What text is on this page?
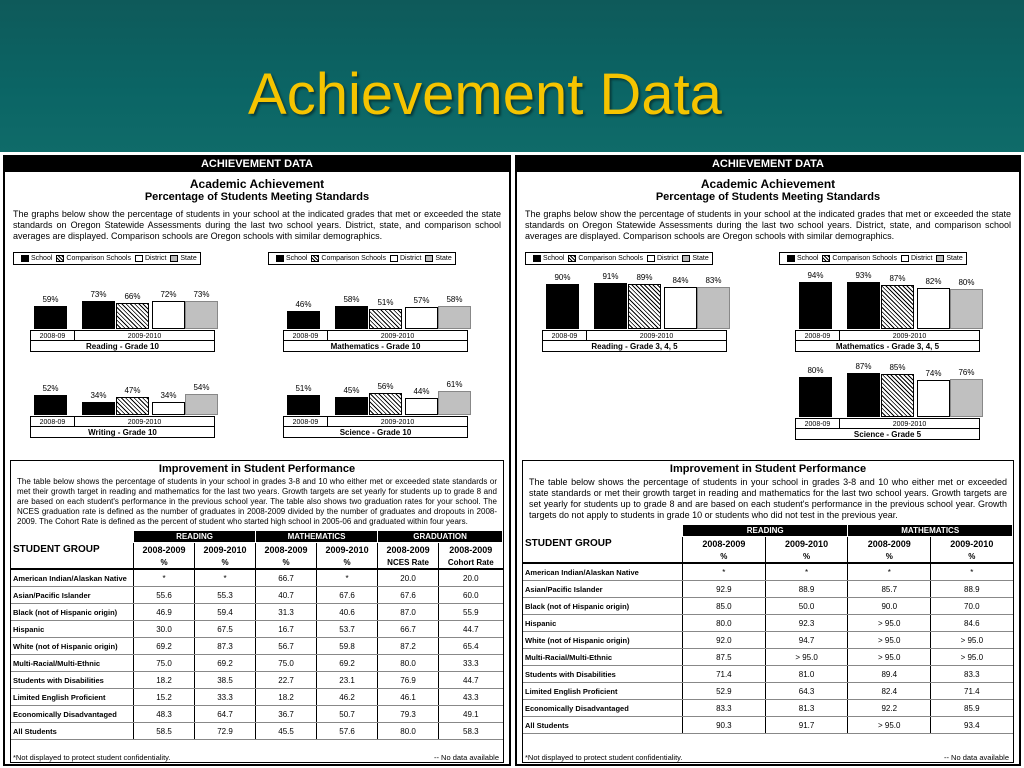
Achievement Data
ACHIEVEMENT DATA
Academic Achievement
Percentage of Students Meeting Standards
The graphs below show the percentage of students in your school at the indicated grades that met or exceeded the state standards on Oregon Statewide Assessments during the last two school years. District, state, and comparison school averages are displayed. Comparison schools are Oregon schools with similar demographics.
School Comparison Schools District State	School Comparison Schools District State
59%
73%	66%	72%	73%
2008-09	2009-2010
Reading - Grade 10
46%
58%	51%	57%	58%
2008-09	2009-2010
Mathematics - Grade 10
52%
34%
47%
34%
54%
2008-09	2009-2010
Writing - Grade 10
51%	45%	56%
44%
61%
2008-09	2009-2010
Science - Grade 10
Improvement in Student Performance
The table below shows the percentage of students in your school in grades 3-8 and 10 who either met or exceeded state standards or met their growth target in reading and mathematics for the last two years. Growth targets are set yearly for students up to grade 8 and are based on each student's performance in the previous school year. The table also shows two graduation rates for your school. The NCES graduation rate is defined as the number of graduates in 2008-2009 divided by the number of graduates and dropouts in 2008-2009. The Cohort Rate is defined as the percent of student who started high school in 2005-06 and graduated within four years.
STUDENT GROUP	READING		MATHEMATICS		GRADUATION	
	2008-2009	2009-2010	2008-2009	2009-2010	2008-2009	2008-2009
	%	%	%	%	NCES Rate	Cohort Rate
American Indian/Alaskan Native	*	*	66.7	*	20.0	20.0
Asian/Pacific Islander	55.6	55.3	40.7	67.6	67.6	60.0
Black (not of Hispanic origin)	46.9	59.4	31.3	40.6	87.0	55.9
Hispanic	30.0	67.5	16.7	53.7	66.7	44.7
White (not of Hispanic origin)	69.2	87.3	56.7	59.8	87.2	65.4
Multi-Racial/Multi-Ethnic	75.0	69.2	75.0	69.2	80.0	33.3
Students with Disabilities	18.2	38.5	22.7	23.1	76.9	44.7
Limited English Proficient	15.2	33.3	18.2	46.2	46.1	43.3
Economically Disadvantaged	48.3	64.7	36.7	50.7	79.3	49.1
All Students	58.5	72.9	45.5	57.6	80.0	58.3
*Not displayed to protect student confidentiality.	-- No data available
ACHIEVEMENT DATA
Academic Achievement
Percentage of Students Meeting Standards
The graphs below show the percentage of students in your school at the indicated grades that met or exceeded the state standards on Oregon Statewide Assessments during the last two school years. District, state, and comparison school averages are displayed. Comparison schools are Oregon schools with similar demographics.
School Comparison Schools District State	School Comparison Schools District State
90%	91%	89%	84%	83%
2008-09	2009-2010
Reading - Grade 3, 4, 5
94%	93%	87%	82%	80%
2008-09	2009-2010
Mathematics - Grade 3, 4, 5
80%	87%	85%
74%	76%
2008-09	2009-2010
Science - Grade 5
Improvement in Student Performance
The table below shows the percentage of students in your school in grades 3-8 and 10 who either met or exceeded state standards or met their growth target in reading and mathematics for the last two school years. Growth targets are set yearly for students up to grade 8 and are based on each student's performance in the previous school year. Growth targets do not apply to students in grade 10 or students who did not test in the previous year.
STUDENT GROUP	READING		MATHEMATICS	
	2008-2009	2009-2010	2008-2009	2009-2010
	%	%	%	%
American Indian/Alaskan Native	*	*	*	*
Asian/Pacific Islander	92.9	88.9	85.7	88.9
Black (not of Hispanic origin)	85.0	50.0	90.0	70.0
Hispanic	80.0	92.3	> 95.0	84.6
White (not of Hispanic origin)	92.0	94.7	> 95.0	> 95.0
Multi-Racial/Multi-Ethnic	87.5	> 95.0	> 95.0	> 95.0
Students with Disabilities	71.4	81.0	89.4	83.3
Limited English Proficient	52.9	64.3	82.4	71.4
Economically Disadvantaged	83.3	81.3	92.2	85.9
All Students	90.3	91.7	> 95.0	93.4
*Not displayed to protect student confidentiality.	-- No data available
